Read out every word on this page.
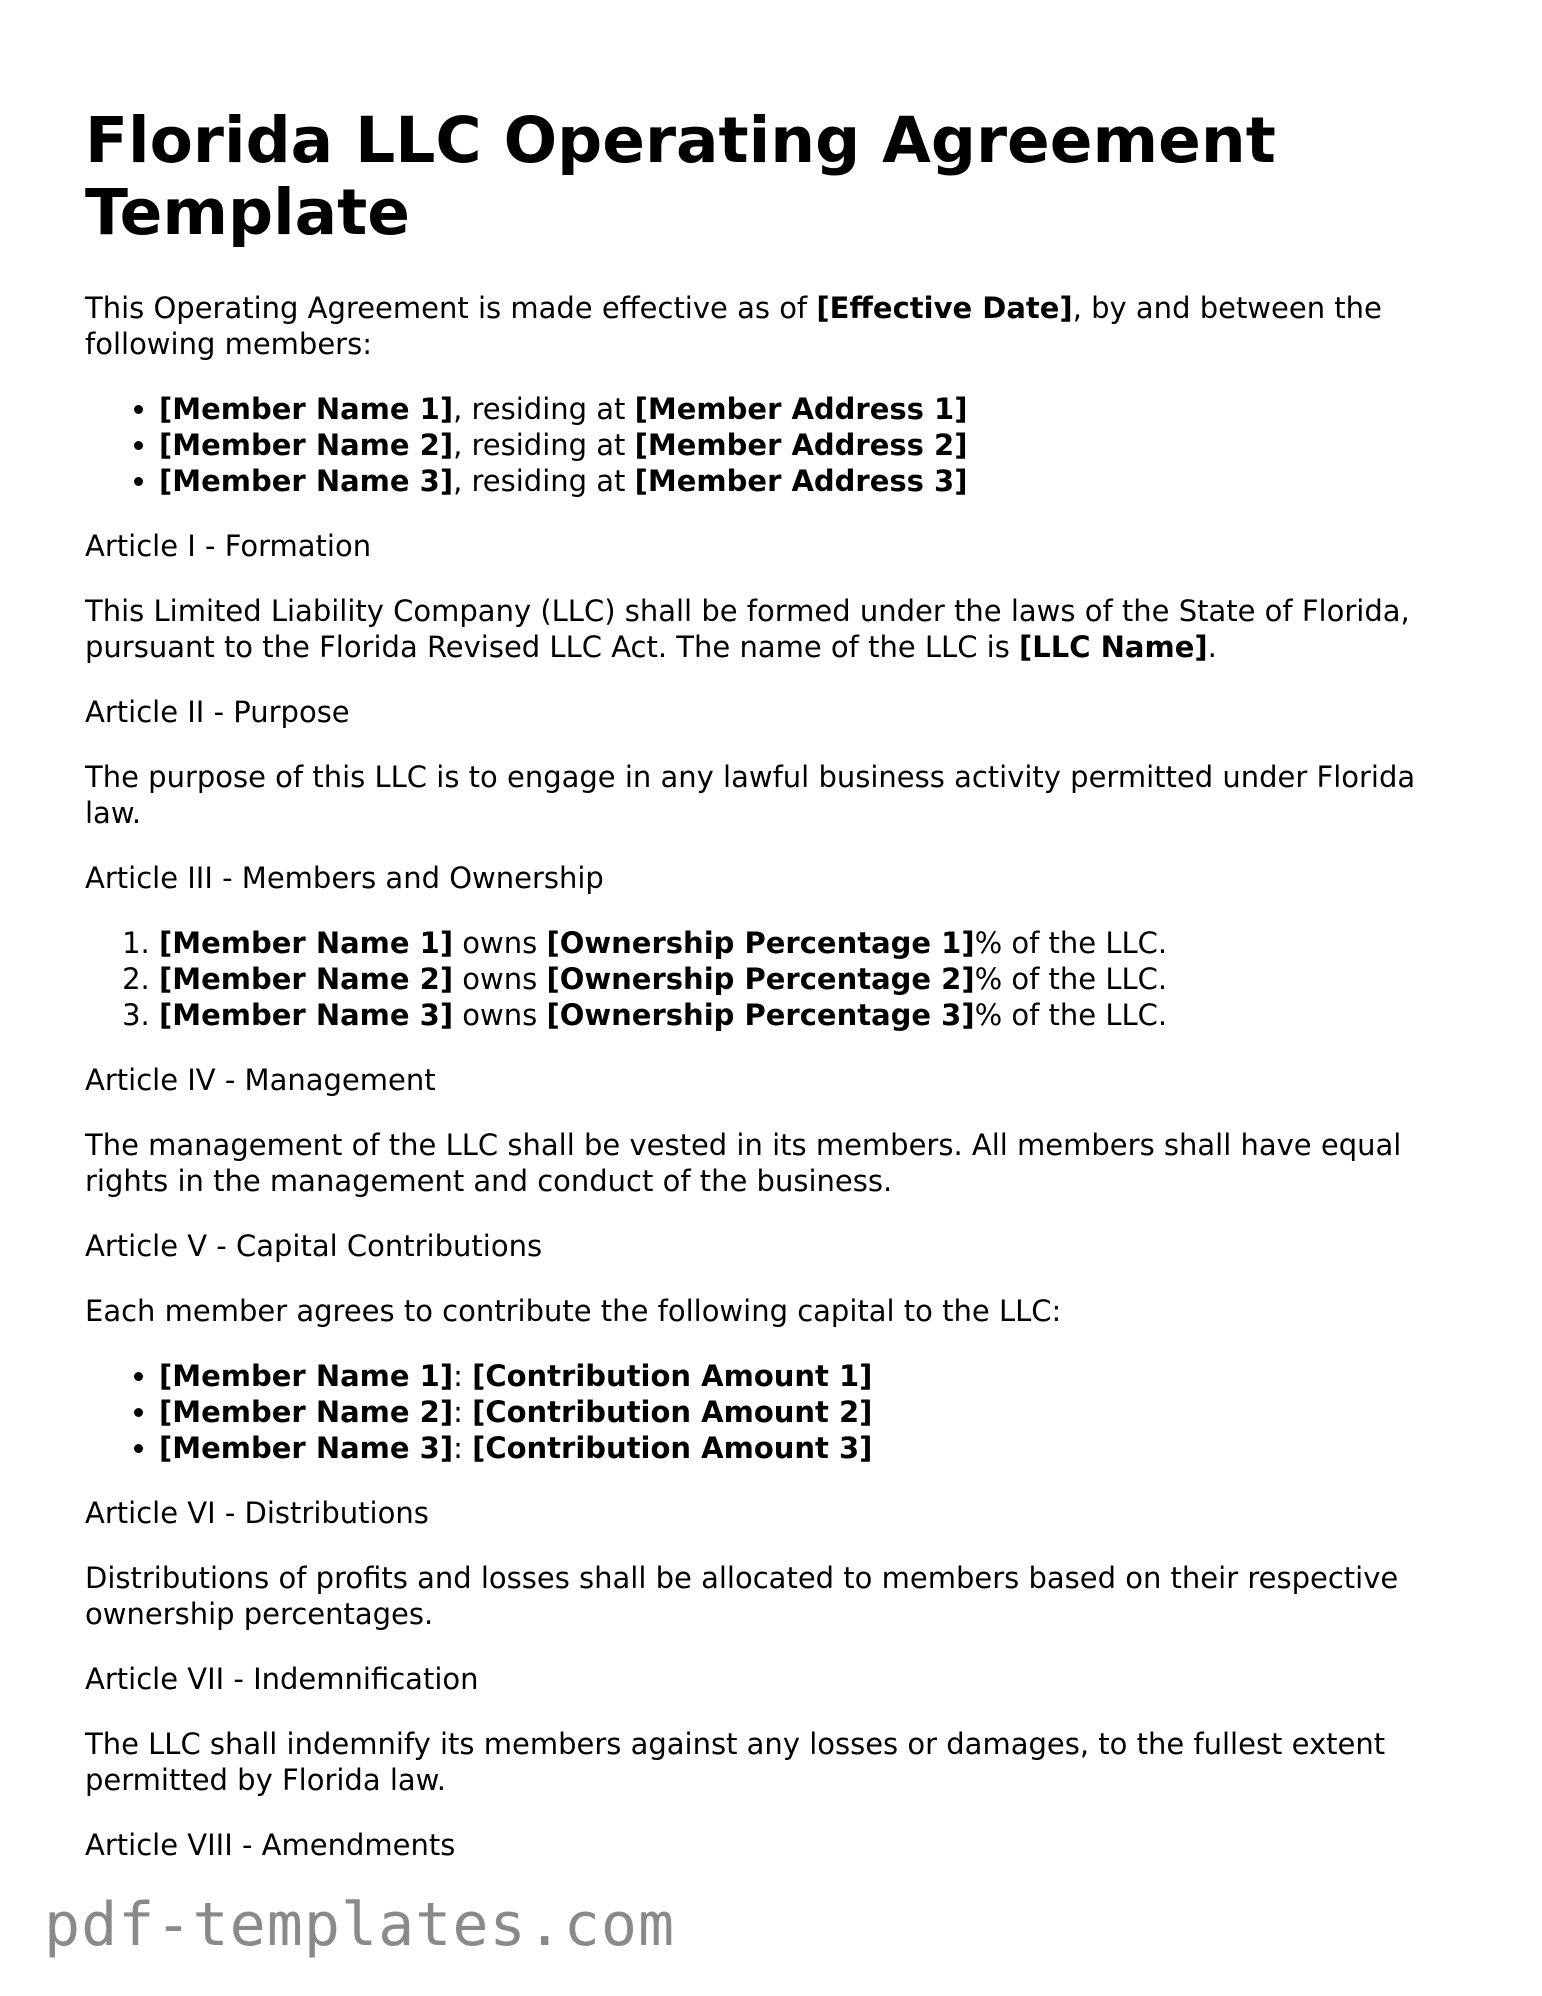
Florida LLC Operating Agreement Template

This Operating Agreement is made effective as of [Effective Date], by and between the following members:

• [Member Name 1], residing at [Member Address 1]
• [Member Name 2], residing at [Member Address 2]
• [Member Name 3], residing at [Member Address 3]

Article I - Formation

This Limited Liability Company (LLC) shall be formed under the laws of the State of Florida, pursuant to the Florida Revised LLC Act. The name of the LLC is [LLC Name].

Article II - Purpose

The purpose of this LLC is to engage in any lawful business activity permitted under Florida law.

Article III - Members and Ownership

1. [Member Name 1] owns [Ownership Percentage 1]% of the LLC.
2. [Member Name 2] owns [Ownership Percentage 2]% of the LLC.
3. [Member Name 3] owns [Ownership Percentage 3]% of the LLC.

Article IV - Management

The management of the LLC shall be vested in its members. All members shall have equal rights in the management and conduct of the business.

Article V - Capital Contributions

Each member agrees to contribute the following capital to the LLC:

• [Member Name 1]: [Contribution Amount 1]
• [Member Name 2]: [Contribution Amount 2]
• [Member Name 3]: [Contribution Amount 3]

Article VI - Distributions

Distributions of profits and losses shall be allocated to members based on their respective ownership percentages.

Article VII - Indemnification

The LLC shall indemnify its members against any losses or damages, to the fullest extent permitted by Florida law.

Article VIII - Amendments

pdf-templates.com
